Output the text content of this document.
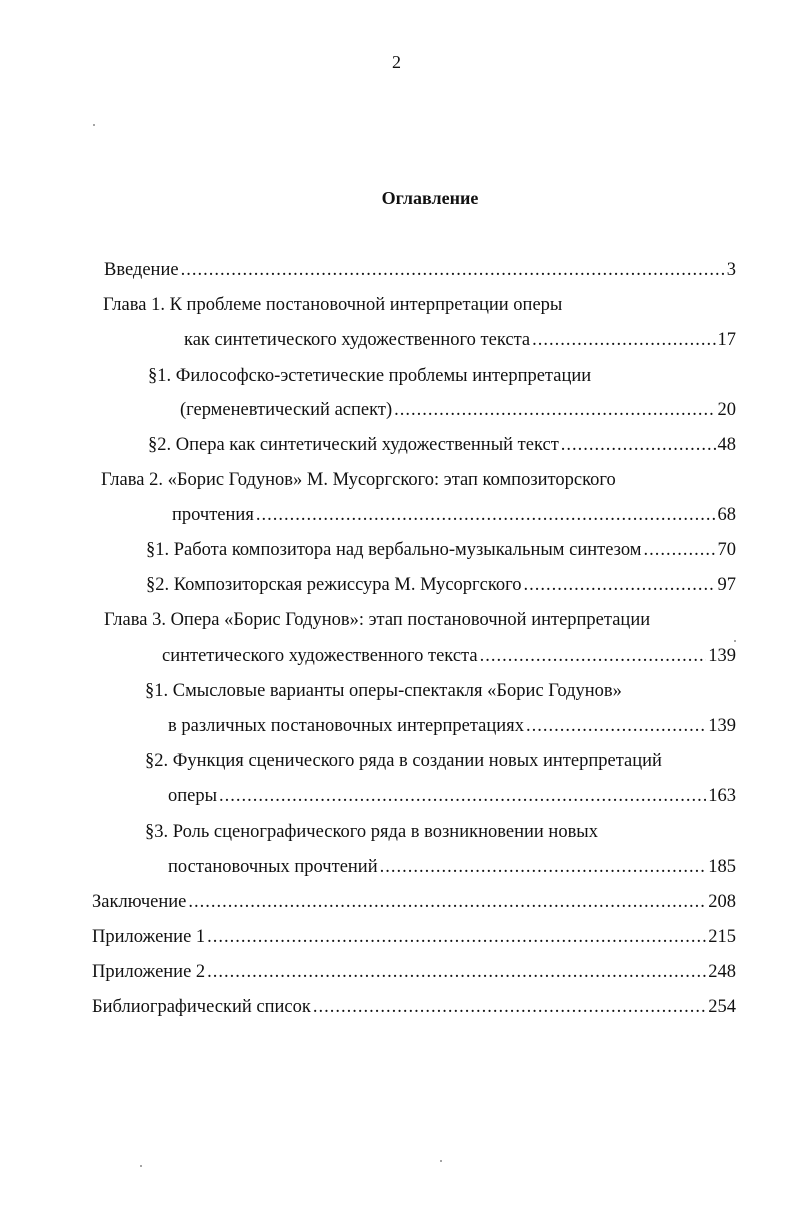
2
Оглавление
Введение .....	3
Глава 1. К проблеме постановочной интерпретации оперы
как синтетического художественного текста .....	17
§1. Философско-эстетические проблемы интерпретации
(герменевтический аспект) .....	20
§2. Опера как синтетический художественный текст .....	48
Глава 2. «Борис Годунов» М. Мусоргского: этап композиторского
прочтения .....	68
§1. Работа композитора над вербально-музыкальным синтезом .....	70
§2. Композиторская режиссура М. Мусоргского .....	97
Глава 3. Опера «Борис Годунов»: этап постановочной интерпретации
синтетического художественного текста .....	139
§1. Смысловые варианты оперы-спектакля «Борис Годунов»
в различных постановочных интерпретациях .....	139
§2. Функция сценического ряда в создании новых интерпретаций
оперы .....	163
§3. Роль сценографического ряда в возникновении новых
постановочных прочтений .....	185
Заключение .....	208
Приложение 1 .....	215
Приложение 2 .....	248
Библиографический список .....	254
